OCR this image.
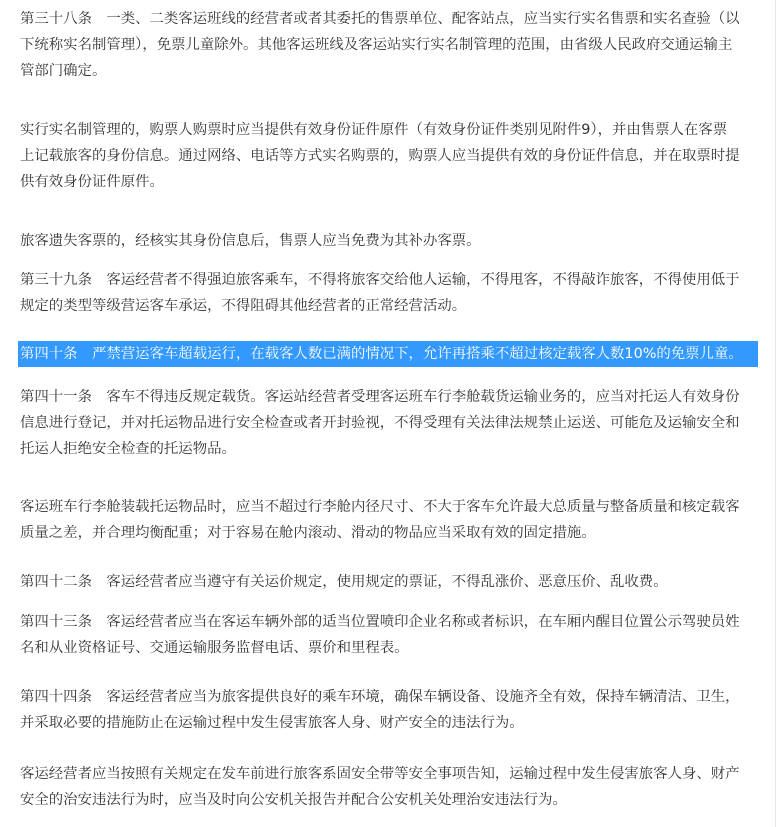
第三十八条　一类、二类客运班线的经营者或者其委托的售票单位、配客站点，应当实行实名售票和实名查验（以
下统称实名制管理），免票儿童除外。其他客运班线及客运站实行实名制管理的范围，由省级人民政府交通运输主
管部门确定。

实行实名制管理的，购票人购票时应当提供有效身份证件原件（有效身份证件类别见附件9），并由售票人在客票
上记载旅客的身份信息。通过网络、电话等方式实名购票的，购票人应当提供有效的身份证件信息，并在取票时提
供有效身份证件原件。

旅客遗失客票的，经核实其身份信息后，售票人应当免费为其补办客票。

第三十九条　客运经营者不得强迫旅客乘车，不得将旅客交给他人运输，不得甩客，不得敲诈旅客，不得使用低于
规定的类型等级营运客车承运，不得阻碍其他经营者的正常经营活动。

第四十条　严禁营运客车超载运行，在载客人数已满的情况下，允许再搭乘不超过核定载客人数10%的免票儿童。

第四十一条　客车不得违反规定载货。客运站经营者受理客运班车行李舱载货运输业务的，应当对托运人有效身份
信息进行登记，并对托运物品进行安全检查或者开封验视，不得受理有关法律法规禁止运送、可能危及运输安全和
托运人拒绝安全检查的托运物品。

客运班车行李舱装载托运物品时，应当不超过行李舱内径尺寸、不大于客车允许最大总质量与整备质量和核定载客
质量之差，并合理均衡配重；对于容易在舱内滚动、滑动的物品应当采取有效的固定措施。

第四十二条　客运经营者应当遵守有关运价规定，使用规定的票证，不得乱涨价、恶意压价、乱收费。

第四十三条　客运经营者应当在客运车辆外部的适当位置喷印企业名称或者标识，在车厢内醒目位置公示驾驶员姓
名和从业资格证号、交通运输服务监督电话、票价和里程表。

第四十四条　客运经营者应当为旅客提供良好的乘车环境，确保车辆设备、设施齐全有效，保持车辆清洁、卫生，
并采取必要的措施防止在运输过程中发生侵害旅客人身、财产安全的违法行为。

客运经营者应当按照有关规定在发车前进行旅客系固安全带等安全事项告知，运输过程中发生侵害旅客人身、财产
安全的治安违法行为时，应当及时向公安机关报告并配合公安机关处理治安违法行为。
